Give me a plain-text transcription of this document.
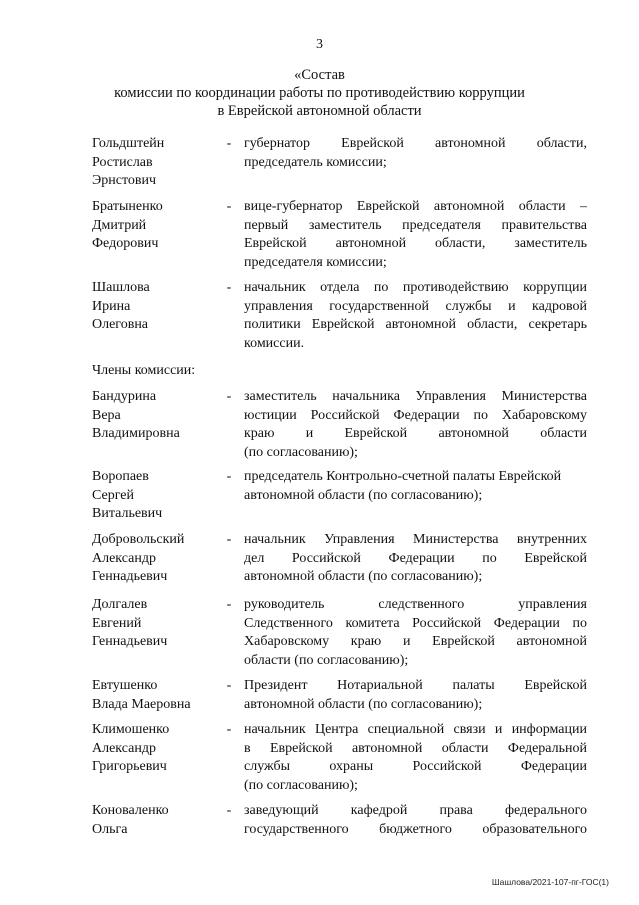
3
«Состав
комиссии по координации работы по противодействию коррупции
в Еврейской автономной области
Гольдштейн
Ростислав
Эрнстович
- губернатор Еврейской автономной области,
председатель комиссии;
Братыненко
Дмитрий
Федорович
- вице-губернатор Еврейской автономной области –
первый заместитель председателя правительства
Еврейской автономной области, заместитель
председателя комиссии;
Шашлова
Ирина
Олеговна
- начальник отдела по противодействию коррупции
управления государственной службы и кадровой
политики Еврейской автономной области, секретарь
комиссии.
Члены комиссии:
Бандурина
Вера
Владимировна
- заместитель начальника Управления Министерства
юстиции Российской Федерации по Хабаровскому
краю и Еврейской автономной области
(по согласованию);
Воропаев
Сергей
Витальевич
- председатель Контрольно-счетной палаты Еврейской
автономной области (по согласованию);
Добровольский
Александр
Геннадьевич
- начальник Управления Министерства внутренних
дел Российской Федерации по Еврейской
автономной области (по согласованию);
Долгалев
Евгений
Геннадьевич
- руководитель следственного управления
Следственного комитета Российской Федерации по
Хабаровскому краю и Еврейской автономной
области (по согласованию);
Евтушенко
Влада Маеровна
- Президент Нотариальной палаты Еврейской
автономной области (по согласованию);
Климошенко
Александр
Григорьевич
- начальник Центра специальной связи и информации
в Еврейской автономной области Федеральной
службы охраны Российской Федерации
(по согласованию);
Коноваленко
Ольга
- заведующий кафедрой права федерального
государственного бюджетного образовательного
Шашлова/2021-107-пг-ГОС(1)
